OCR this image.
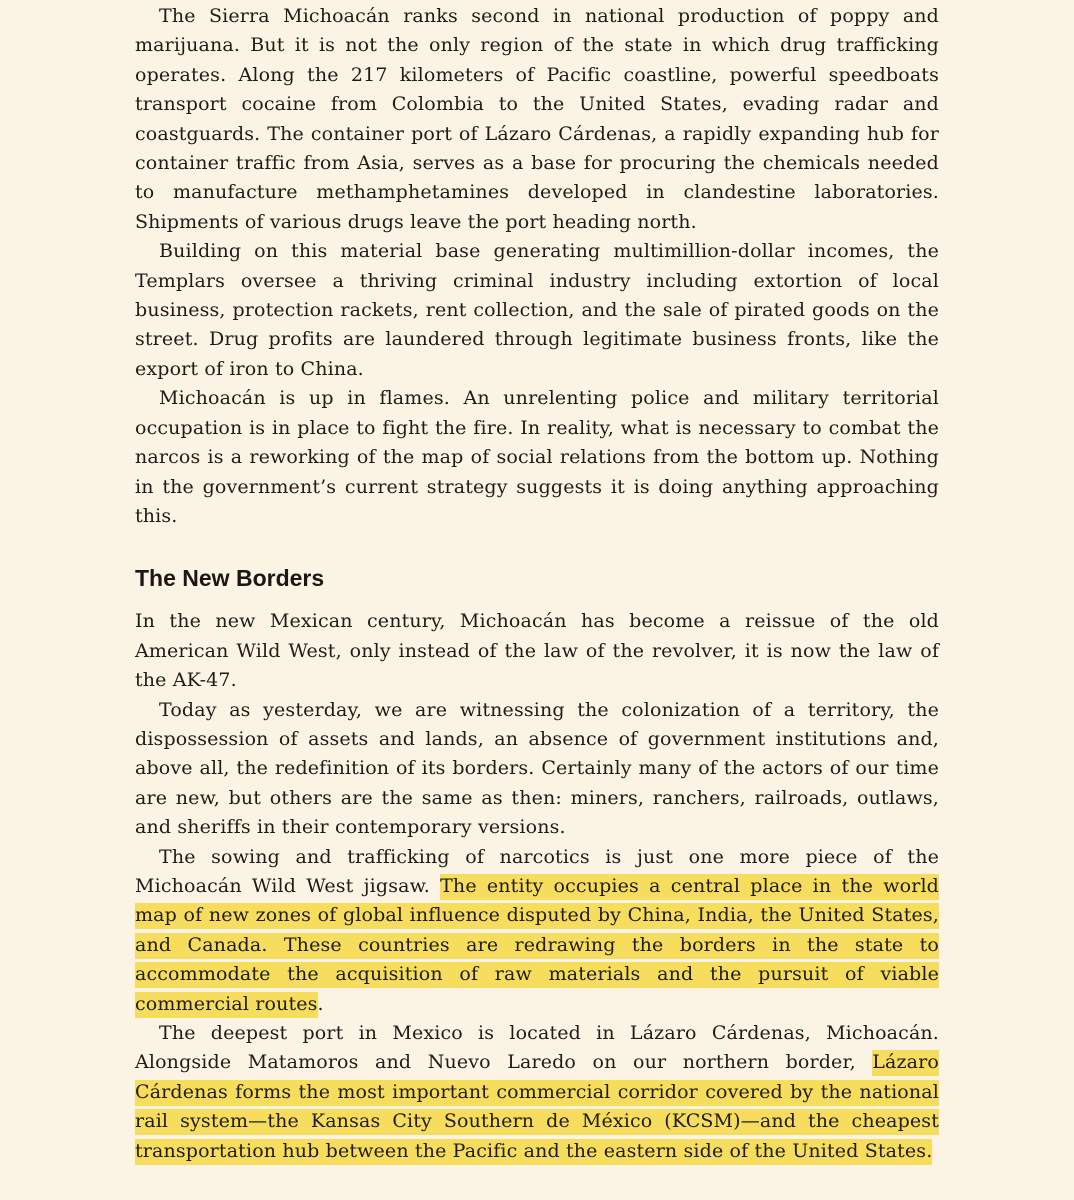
The Sierra Michoacán ranks second in national production of poppy and marijuana. But it is not the only region of the state in which drug trafficking operates. Along the 217 kilometers of Pacific coastline, powerful speedboats transport cocaine from Colombia to the United States, evading radar and coastguards. The container port of Lázaro Cárdenas, a rapidly expanding hub for container traffic from Asia, serves as a base for procuring the chemicals needed to manufacture methamphetamines developed in clandestine laboratories. Shipments of various drugs leave the port heading north.

Building on this material base generating multimillion-dollar incomes, the Templars oversee a thriving criminal industry including extortion of local business, protection rackets, rent collection, and the sale of pirated goods on the street. Drug profits are laundered through legitimate business fronts, like the export of iron to China.

Michoacán is up in flames. An unrelenting police and military territorial occupation is in place to fight the fire. In reality, what is necessary to combat the narcos is a reworking of the map of social relations from the bottom up. Nothing in the government’s current strategy suggests it is doing anything approaching this.

The New Borders

In the new Mexican century, Michoacán has become a reissue of the old American Wild West, only instead of the law of the revolver, it is now the law of the AK-47.

Today as yesterday, we are witnessing the colonization of a territory, the dispossession of assets and lands, an absence of government institutions and, above all, the redefinition of its borders. Certainly many of the actors of our time are new, but others are the same as then: miners, ranchers, railroads, outlaws, and sheriffs in their contemporary versions.

The sowing and trafficking of narcotics is just one more piece of the Michoacán Wild West jigsaw. The entity occupies a central place in the world map of new zones of global influence disputed by China, India, the United States, and Canada. These countries are redrawing the borders in the state to accommodate the acquisition of raw materials and the pursuit of viable commercial routes.

The deepest port in Mexico is located in Lázaro Cárdenas, Michoacán. Alongside Matamoros and Nuevo Laredo on our northern border, Lázaro Cárdenas forms the most important commercial corridor covered by the national rail system—the Kansas City Southern de México (KCSM)—and the cheapest transportation hub between the Pacific and the eastern side of the United States.
